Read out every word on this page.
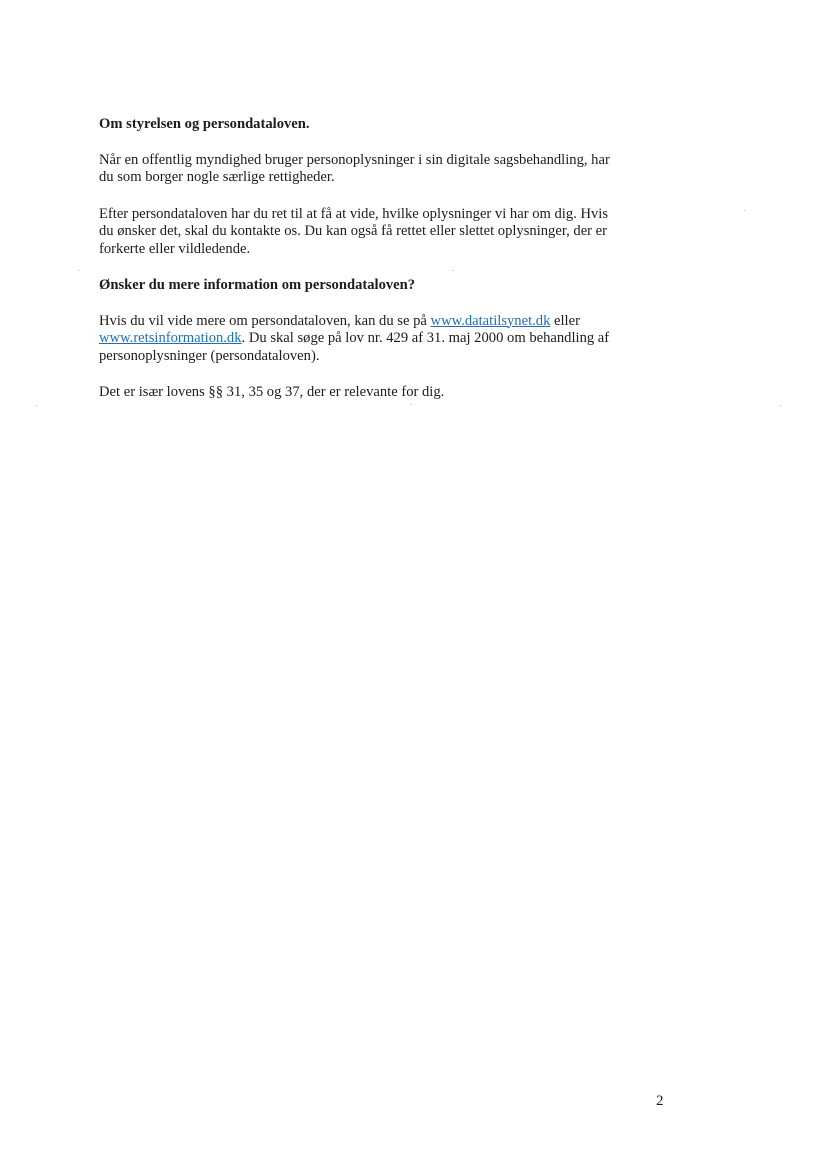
Om styrelsen og persondataloven.

Når en offentlig myndighed bruger personoplysninger i sin digitale sagsbehandling, har du som borger nogle særlige rettigheder.

Efter persondataloven har du ret til at få at vide, hvilke oplysninger vi har om dig. Hvis du ønsker det, skal du kontakte os. Du kan også få rettet eller slettet oplysninger, der er forkerte eller vildledende.

Ønsker du mere information om persondataloven?

Hvis du vil vide mere om persondataloven, kan du se på www.datatilsynet.dk eller www.retsinformation.dk. Du skal søge på lov nr. 429 af 31. maj 2000 om behandling af personoplysninger (persondataloven).

Det er især lovens §§ 31, 35 og 37, der er relevante for dig.

2
